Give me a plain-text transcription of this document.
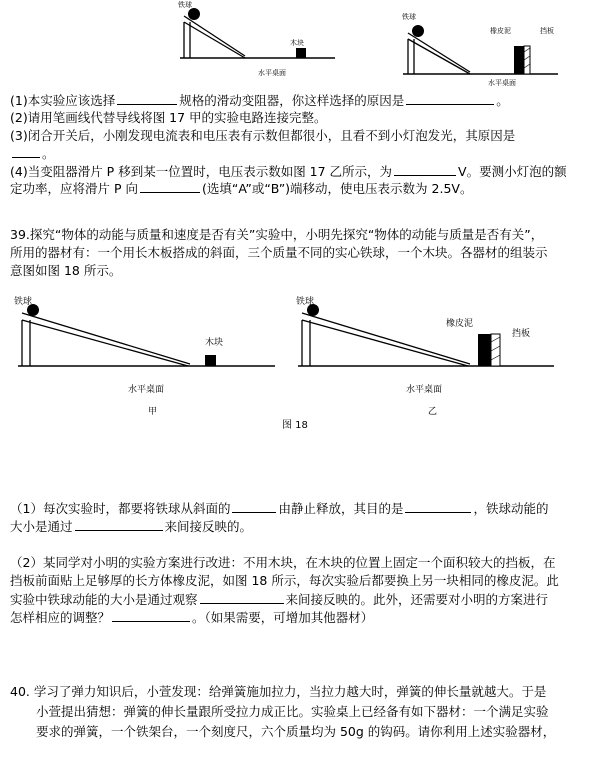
铁球
木块
水平桌面
铁球
橡皮泥	挡板
水平桌面
(1)本实验应该选择	规格的滑动变阻器，你这样选择的原因是	。
(2)请用笔画线代替导线将图 17 甲的实验电路连接完整。
(3)闭合开关后，小刚发现电流表和电压表有示数但都很小，且看不到小灯泡发光，其原因是
。
(4)当变阻器滑片 P 移到某一位置时，电压表示数如图 17 乙所示，为	V。要测小灯泡的额
定功率，应将滑片 P 向	(选填“A”或“B”)端移动，使电压表示数为 2.5V。
39.探究“物体的动能与质量和速度是否有关”实验中，小明先探究“物体的动能与质量是否有关”，
所用的器材有：一个用长木板搭成的斜面，三个质量不同的实心铁球，一个木块。各器材的组装示
意图如图 18 所示。
铁球
木块
水平桌面
甲
铁球
橡皮泥
挡板
水平桌面
乙
图 18
（1）每次实验时，都要将铁球从斜面的	由静止释放，其目的是	，铁球动能的
大小是通过	来间接反映的。
（2）某同学对小明的实验方案进行改进：不用木块，在木块的位置上固定一个面积较大的挡板，在
挡板前面贴上足够厚的长方体橡皮泥，如图 18 所示，每次实验后都要换上另一块相同的橡皮泥。此
实验中铁球动能的大小是通过观察	来间接反映的。此外，还需要对小明的方案进行
怎样相应的调整？	。（如果需要，可增加其他器材）
40. 学习了弹力知识后，小萱发现：给弹簧施加拉力，当拉力越大时，弹簧的伸长量就越大。于是
小萱提出猜想：弹簧的伸长量跟所受拉力成正比。实验桌上已经备有如下器材：一个满足实验
要求的弹簧，一个铁架台，一个刻度尺，六个质量均为 50g 的钩码。请你利用上述实验器材，
